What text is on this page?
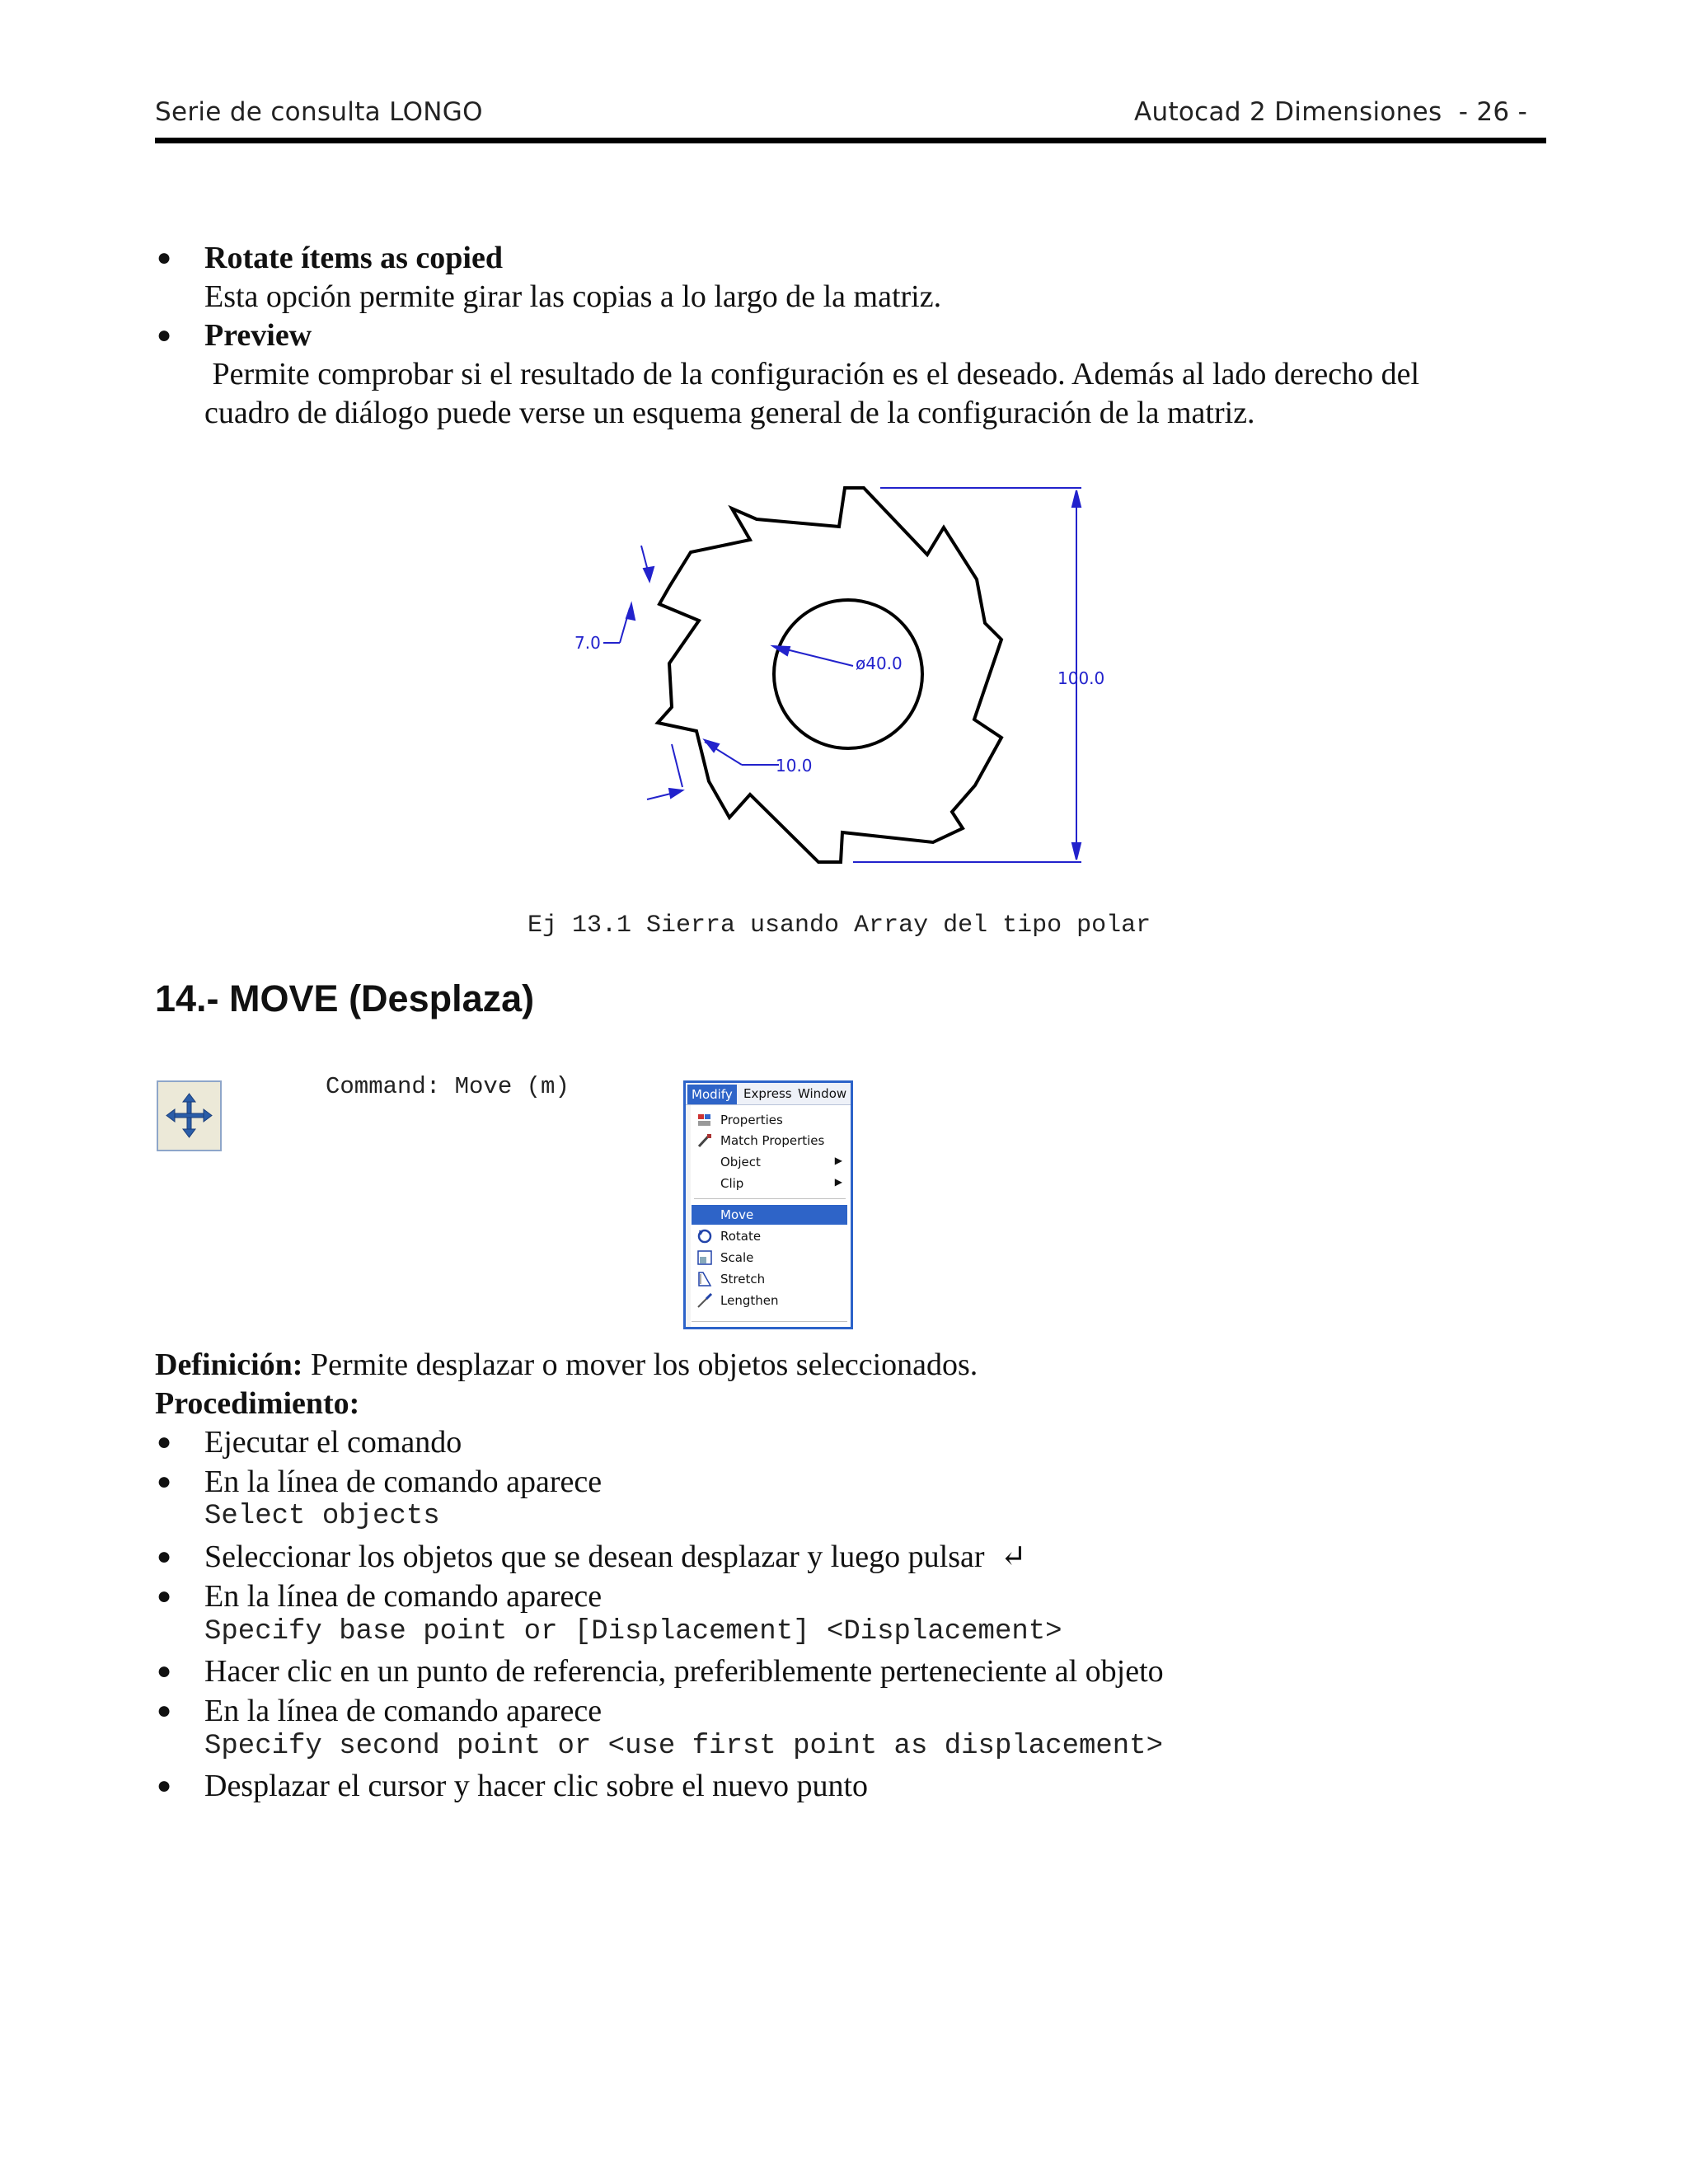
Serie de consulta LONGO	Autocad 2 Dimensiones  - 26 -
● Rotate ítems as copied
Esta opción permite girar las copias a lo largo de la matriz.
● Preview
Permite comprobar si el resultado de la configuración es el deseado. Además al lado derecho del
cuadro de diálogo puede verse un esquema general de la configuración de la matriz.
7.0
ø40.0
100.0
10.0
Ej 13.1 Sierra usando Array del tipo polar
14.- MOVE (Desplaza)
Command: Move (m)	Modify Express Window
Properties
Match Properties
Object	▶
Clip	▶
Move
Rotate
Scale
Stretch
Lengthen
Definición: Permite desplazar o mover los objetos seleccionados.
Procedimiento:
● Ejecutar el comando
● En la línea de comando aparece
Select objects
● Seleccionar los objetos que se desean desplazar y luego pulsar ↵
● En la línea de comando aparece
Specify base point or [Displacement] <Displacement>
● Hacer clic en un punto de referencia, preferiblemente perteneciente al objeto
● En la línea de comando aparece
Specify second point or <use first point as displacement>
● Desplazar el cursor y hacer clic sobre el nuevo punto
